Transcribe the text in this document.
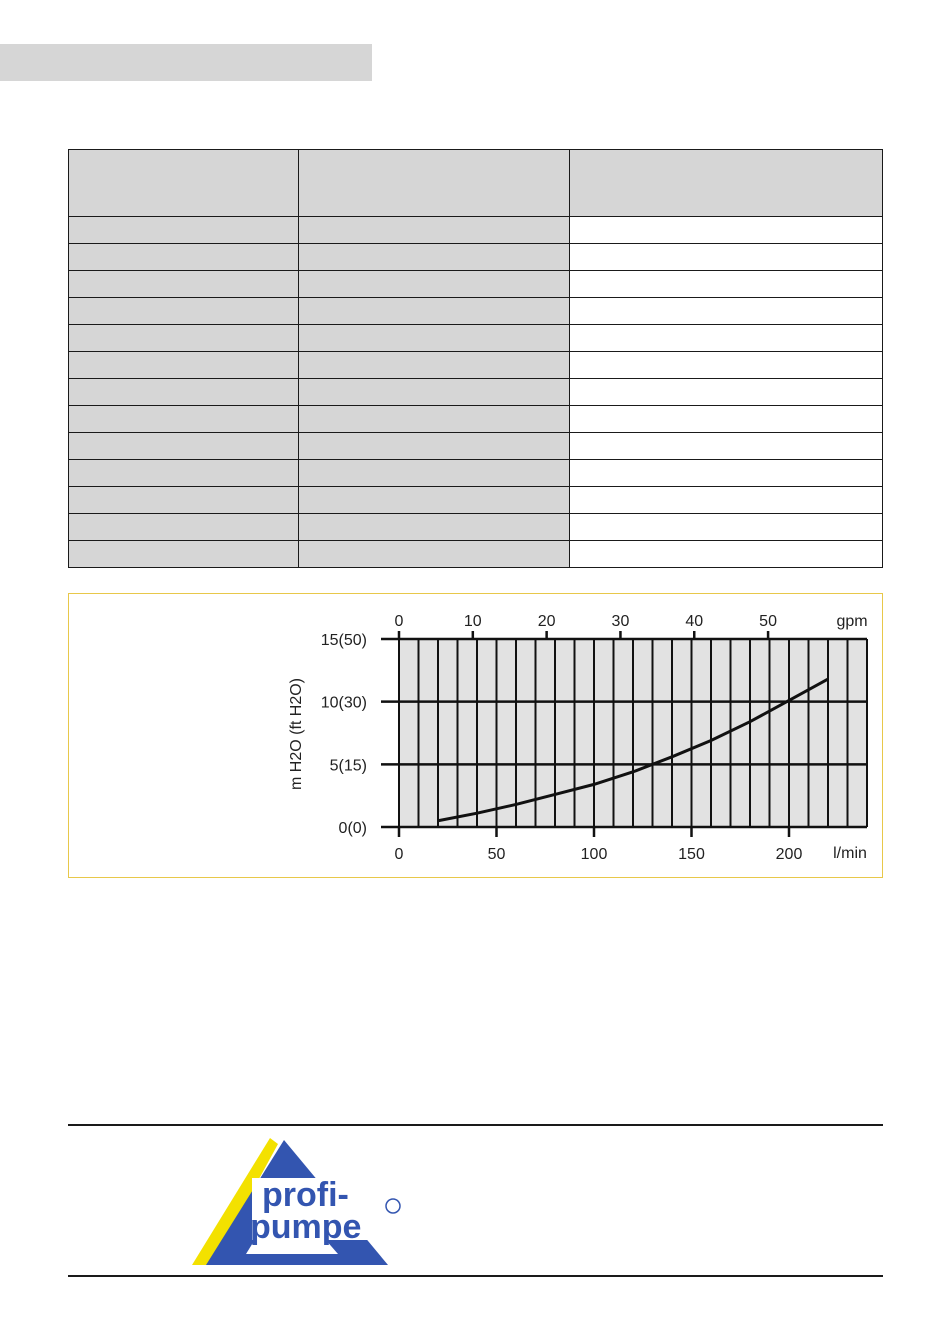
0	50	100	150	200
0	10	20	30	40	50
0(0)
5(15)
10(30)
15(50)
l/min
gpm
m H2O (ft H2O)
profi-
pumpe
